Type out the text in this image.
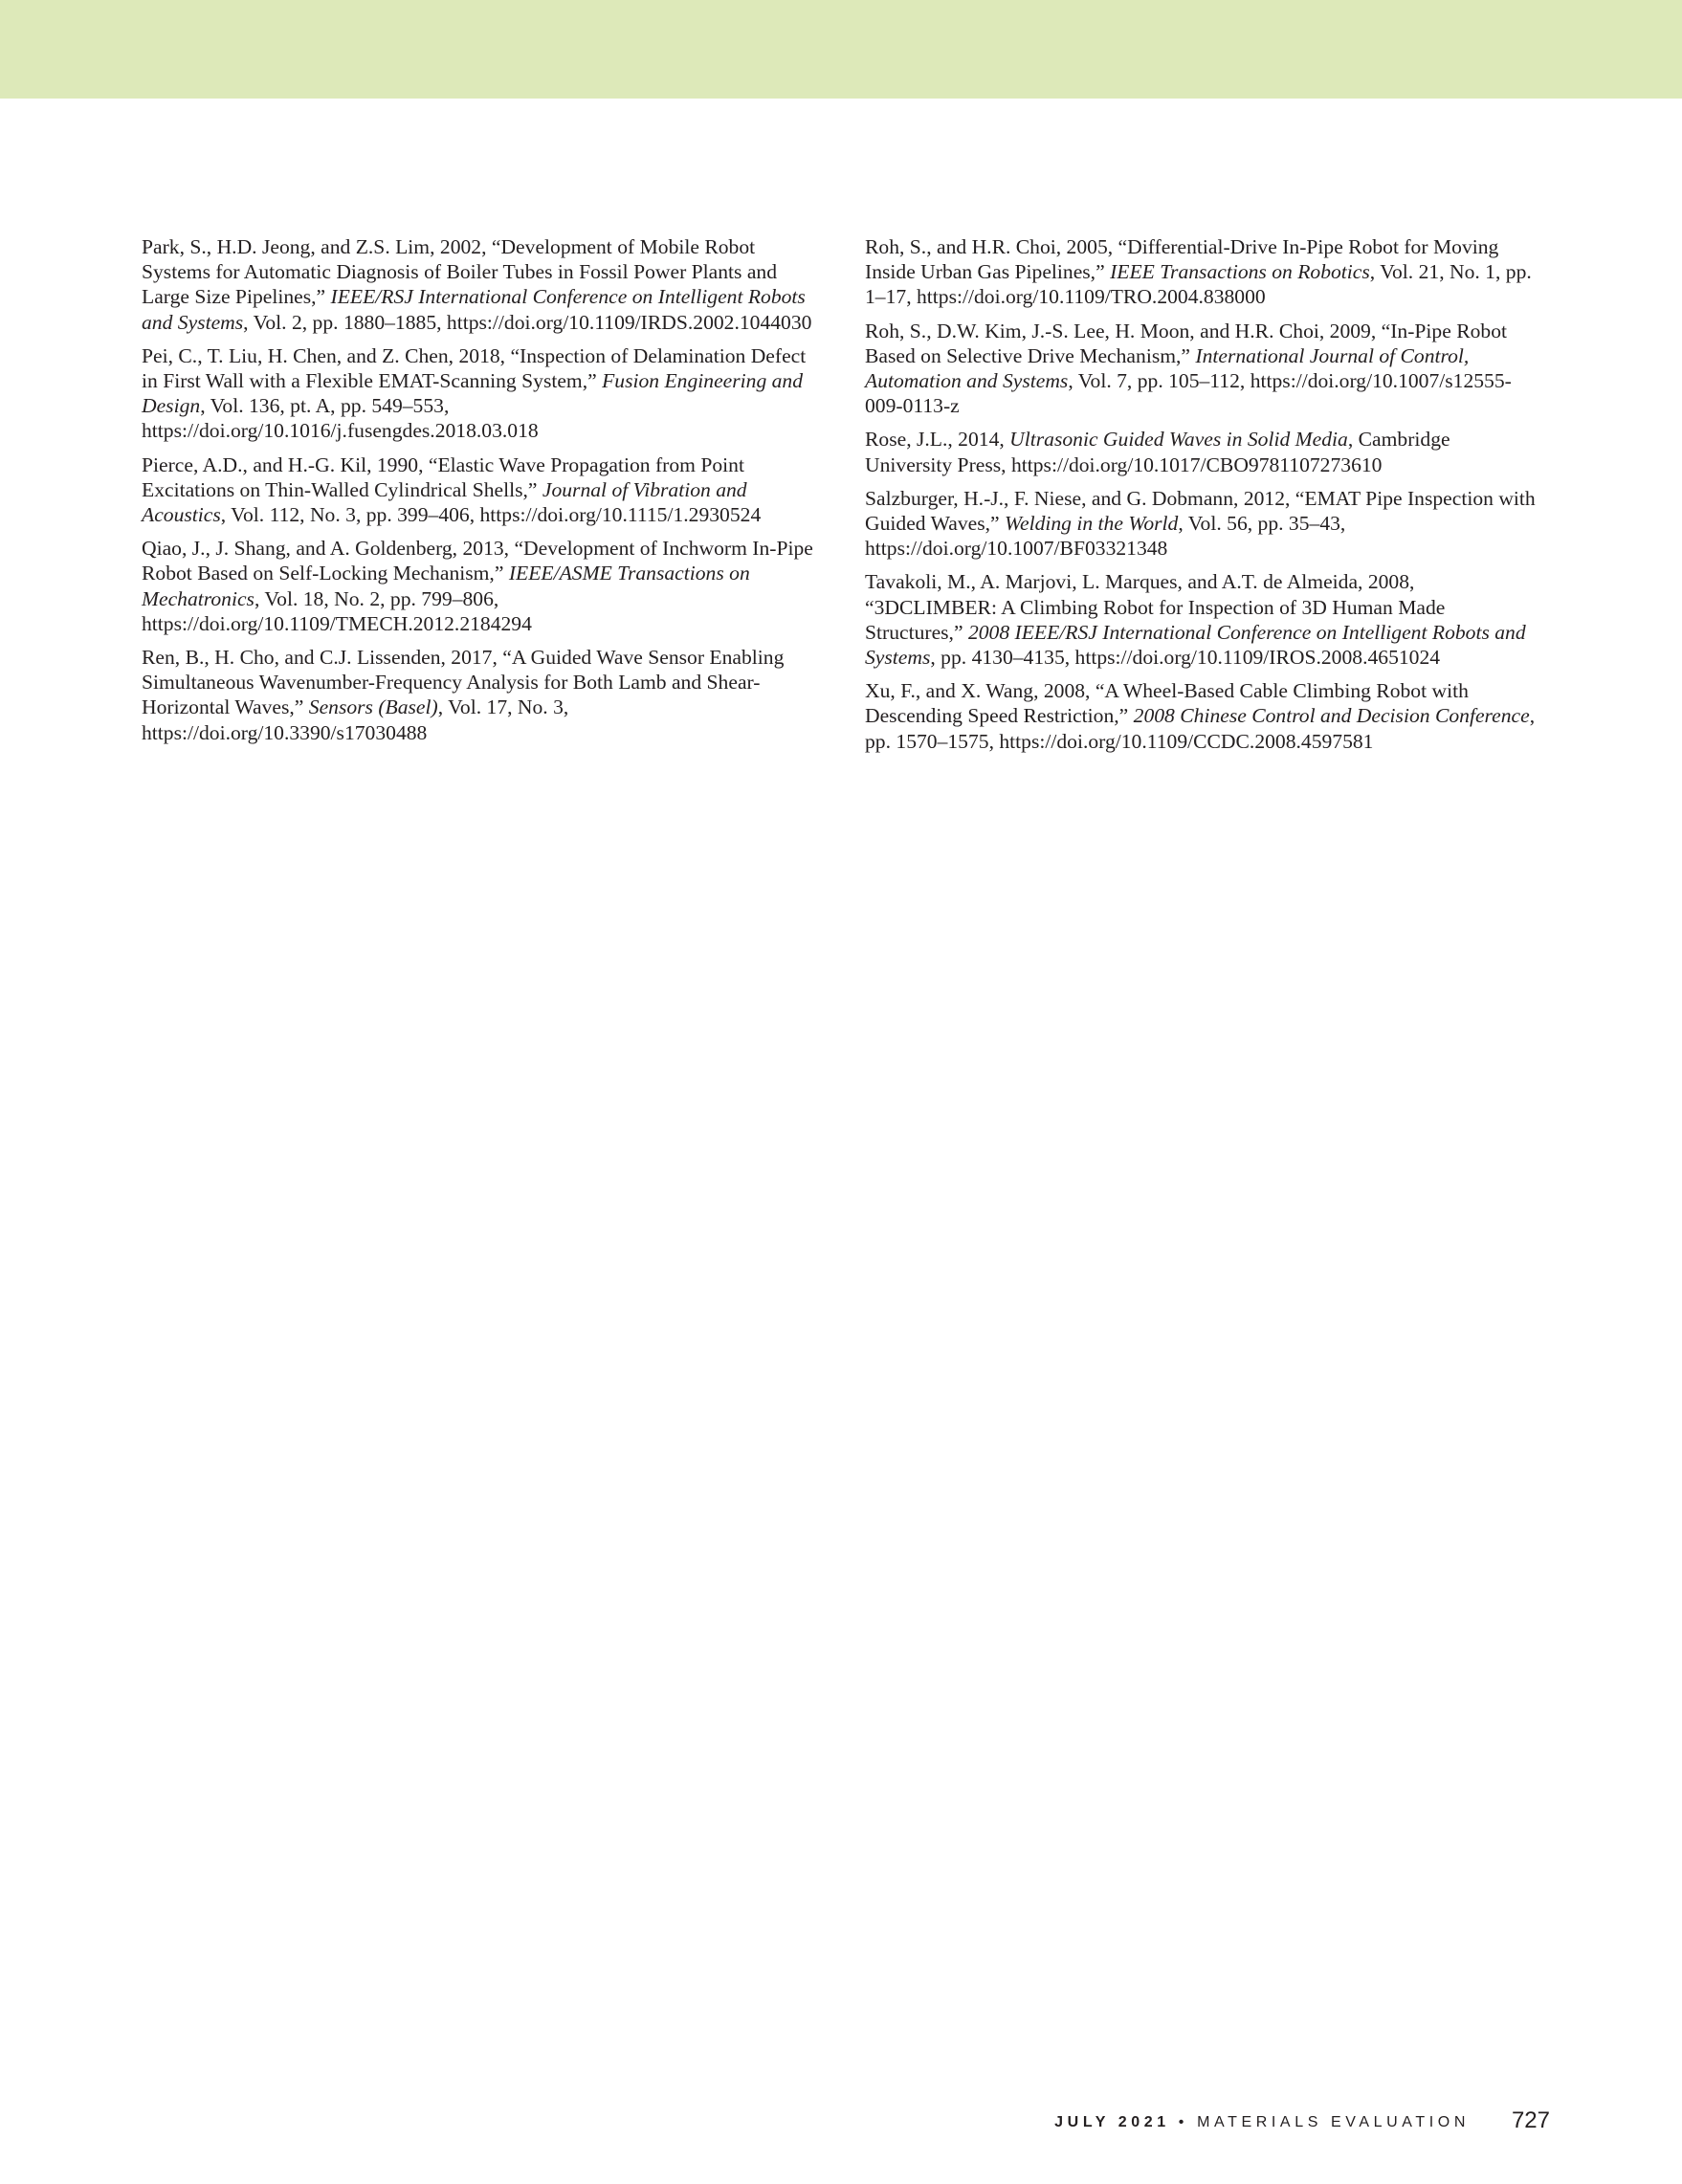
Park, S., H.D. Jeong, and Z.S. Lim, 2002, “Development of Mobile Robot Systems for Automatic Diagnosis of Boiler Tubes in Fossil Power Plants and Large Size Pipelines,” IEEE/RSJ International Conference on Intelligent Robots and Systems, Vol. 2, pp. 1880–1885, https://doi.org/10.1109/IRDS.2002.1044030

Pei, C., T. Liu, H. Chen, and Z. Chen, 2018, “Inspection of Delamination Defect in First Wall with a Flexible EMAT-Scanning System,” Fusion Engineering and Design, Vol. 136, pt. A, pp. 549–553, https://doi.org/10.1016/j.fusengdes.2018.03.018

Pierce, A.D., and H.-G. Kil, 1990, “Elastic Wave Propagation from Point Excitations on Thin-Walled Cylindrical Shells,” Journal of Vibration and Acoustics, Vol. 112, No. 3, pp. 399–406, https://doi.org/10.1115/1.2930524

Qiao, J., J. Shang, and A. Goldenberg, 2013, “Development of Inchworm In-Pipe Robot Based on Self-Locking Mechanism,” IEEE/ASME Transactions on Mechatronics, Vol. 18, No. 2, pp. 799–806, https://doi.org/10.1109/TMECH.2012.2184294

Ren, B., H. Cho, and C.J. Lissenden, 2017, “A Guided Wave Sensor Enabling Simultaneous Wavenumber-Frequency Analysis for Both Lamb and Shear-Horizontal Waves,” Sensors (Basel), Vol. 17, No. 3, https://doi.org/10.3390/s17030488

Roh, S., and H.R. Choi, 2005, “Differential-Drive In-Pipe Robot for Moving Inside Urban Gas Pipelines,” IEEE Transactions on Robotics, Vol. 21, No. 1, pp. 1–17, https://doi.org/10.1109/TRO.2004.838000

Roh, S., D.W. Kim, J.-S. Lee, H. Moon, and H.R. Choi, 2009, “In-Pipe Robot Based on Selective Drive Mechanism,” International Journal of Control, Automation and Systems, Vol. 7, pp. 105–112, https://doi.org/10.1007/s12555-009-0113-z

Rose, J.L., 2014, Ultrasonic Guided Waves in Solid Media, Cambridge University Press, https://doi.org/10.1017/CBO9781107273610

Salzburger, H.-J., F. Niese, and G. Dobmann, 2012, “EMAT Pipe Inspection with Guided Waves,” Welding in the World, Vol. 56, pp. 35–43, https://doi.org/10.1007/BF03321348

Tavakoli, M., A. Marjovi, L. Marques, and A.T. de Almeida, 2008, “3DCLIMBER: A Climbing Robot for Inspection of 3D Human Made Structures,” 2008 IEEE/RSJ International Conference on Intelligent Robots and Systems, pp. 4130–4135, https://doi.org/10.1109/IROS.2008.4651024

Xu, F., and X. Wang, 2008, “A Wheel-Based Cable Climbing Robot with Descending Speed Restriction,” 2008 Chinese Control and Decision Conference, pp. 1570–1575, https://doi.org/10.1109/CCDC.2008.4597581

JULY 2021 • MATERIALS EVALUATION 727
